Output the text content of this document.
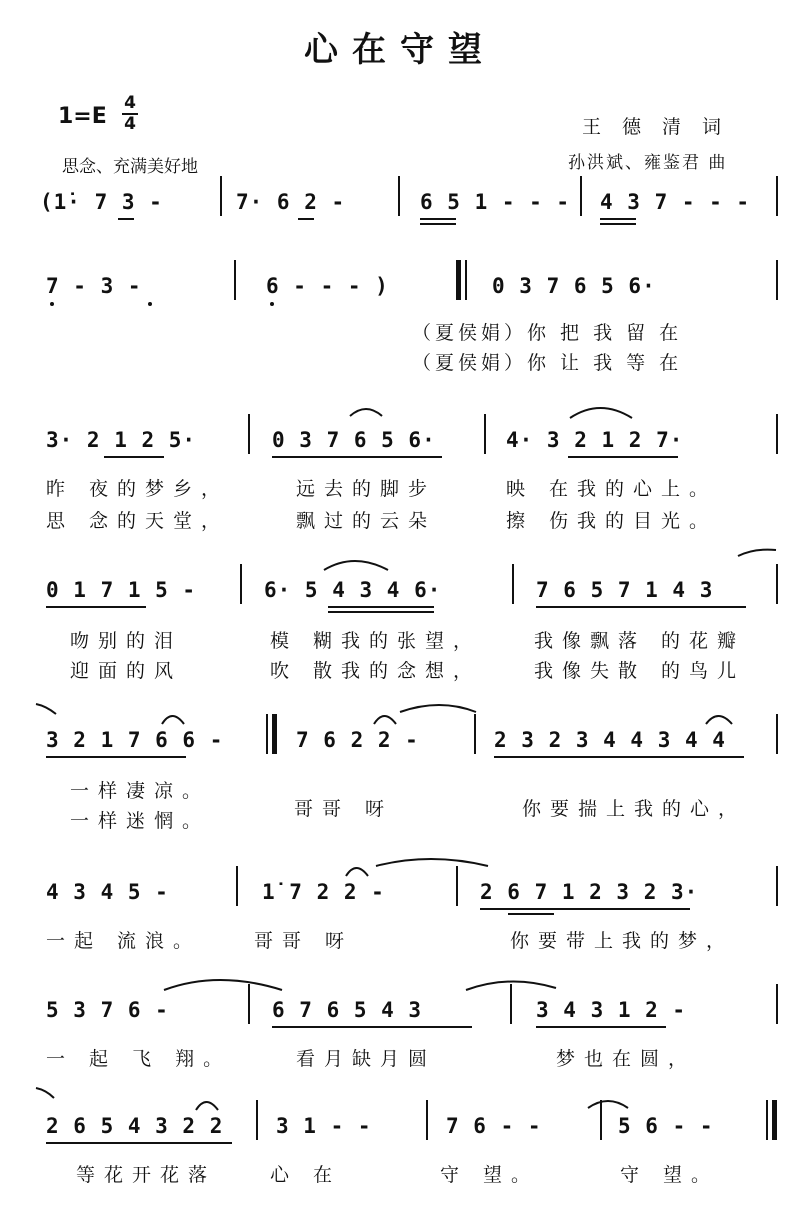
心在守望
1=E
4
4
思念、充满美好地
王德清词
孙洪斌、雍鉴君 曲
(1̇· 7 3 -	7· 6 2 -	6 5 1 - - - 4 3 7 - - -
7 - 3 -	6 - - - )	0 3 7 6 5 6·
（夏侯娟）你 把 我 留 在
（夏侯娟）你 让 我 等 在
3· 2 1 2 5·	0 3 7 6 5 6·	4· 3 2 1 2 7·
昨 夜的梦乡，	远去的脚步	映 在我的心上。
思 念的天堂，	飘过的云朵	擦 伤我的目光。
0 1 7 1 5 -	6· 5 4 3 4 6·	7 6 5 7 1 4 3
吻别的泪	模 糊我的张望，	我像飘落 的花瓣
迎面的风	吹 散我的念想，	我像失散 的鸟儿
3 2 1 7 6 6 -	7 6 2 2 -	2 3 2 3 4 4 3 4 4
一样凄凉。
一样迷惘。
哥哥 呀	你要揣上我的心，
4 3 4 5 -	1̇ 7 2 2 -	2 6 7 1 2 3 2 3·
一起 流浪。	哥哥 呀	你要带上我的梦，
5 3 7 6 -	6 7 6 5 4 3	3 4 3 1 2 -
一 起 飞 翔。	看月缺月圆	梦也在圆，
2 6 5 4 3 2 2	3 1 - -	7 6 - -	5 6 - -
等花开花落	心 在	守 望。	守 望。
